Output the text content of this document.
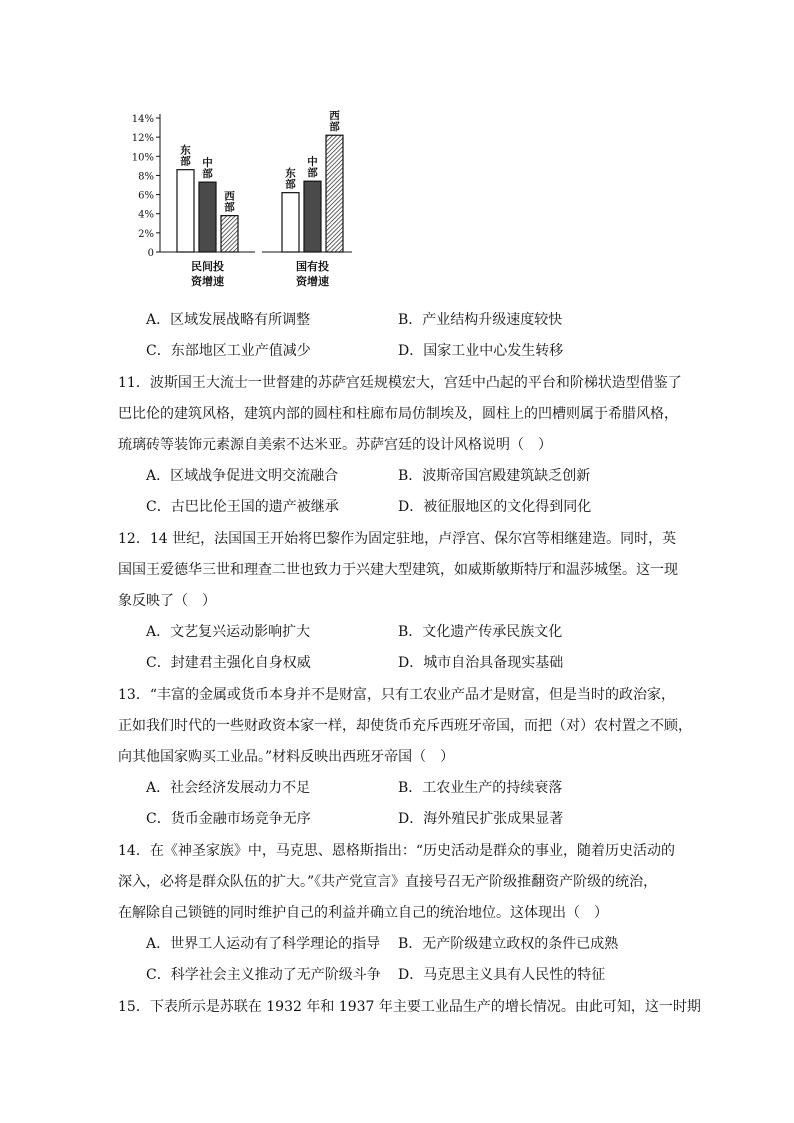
0
2%
4%
6%
8%
10%
12%
14%
东
部
东
部
中
部
中
部
西
部
西
部
民间投
资增速
国有投
资增速
A．区域发展战略有所调整	B．产业结构升级速度较快
C．东部地区工业产值减少	D．国家工业中心发生转移
11．波斯国王大流士一世督建的苏萨宫廷规模宏大，宫廷中凸起的平台和阶梯状造型借鉴了
巴比伦的建筑风格，建筑内部的圆柱和柱廊布局仿制埃及，圆柱上的凹槽则属于希腊风格，
琉璃砖等装饰元素源自美索不达米亚。苏萨宫廷的设计风格说明（　）
A．区域战争促进文明交流融合	B．波斯帝国宫殿建筑缺乏创新
C．古巴比伦王国的遗产被继承	D．被征服地区的文化得到同化
12．14 世纪，法国国王开始将巴黎作为固定驻地，卢浮宫、保尔宫等相继建造。同时，英
国国王爱德华三世和理查二世也致力于兴建大型建筑，如威斯敏斯特厅和温莎城堡。这一现
象反映了（　）
A．文艺复兴运动影响扩大	B．文化遗产传承民族文化
C．封建君主强化自身权威	D．城市自治具备现实基础
13．“丰富的金属或货币本身并不是财富，只有工农业产品才是财富，但是当时的政治家，
正如我们时代的一些财政资本家一样，却使货币充斥西班牙帝国，而把（对）农村置之不顾，
向其他国家购买工业品。”材料反映出西班牙帝国（　）
A．社会经济发展动力不足	B．工农业生产的持续衰落
C．货币金融市场竞争无序	D．海外殖民扩张成果显著
14．在《神圣家族》中，马克思、恩格斯指出：“历史活动是群众的事业，随着历史活动的
深入，必将是群众队伍的扩大。”《共产党宣言》直接号召无产阶级推翻资产阶级的统治，
在解除自己锁链的同时维护自己的利益并确立自己的统治地位。这体现出（　）
A．世界工人运动有了科学理论的指导 B．无产阶级建立政权的条件已成熟
C．科学社会主义推动了无产阶级斗争 D．马克思主义具有人民性的特征
15．下表所示是苏联在 1932 年和 1937 年主要工业品生产的增长情况。由此可知，这一时期
